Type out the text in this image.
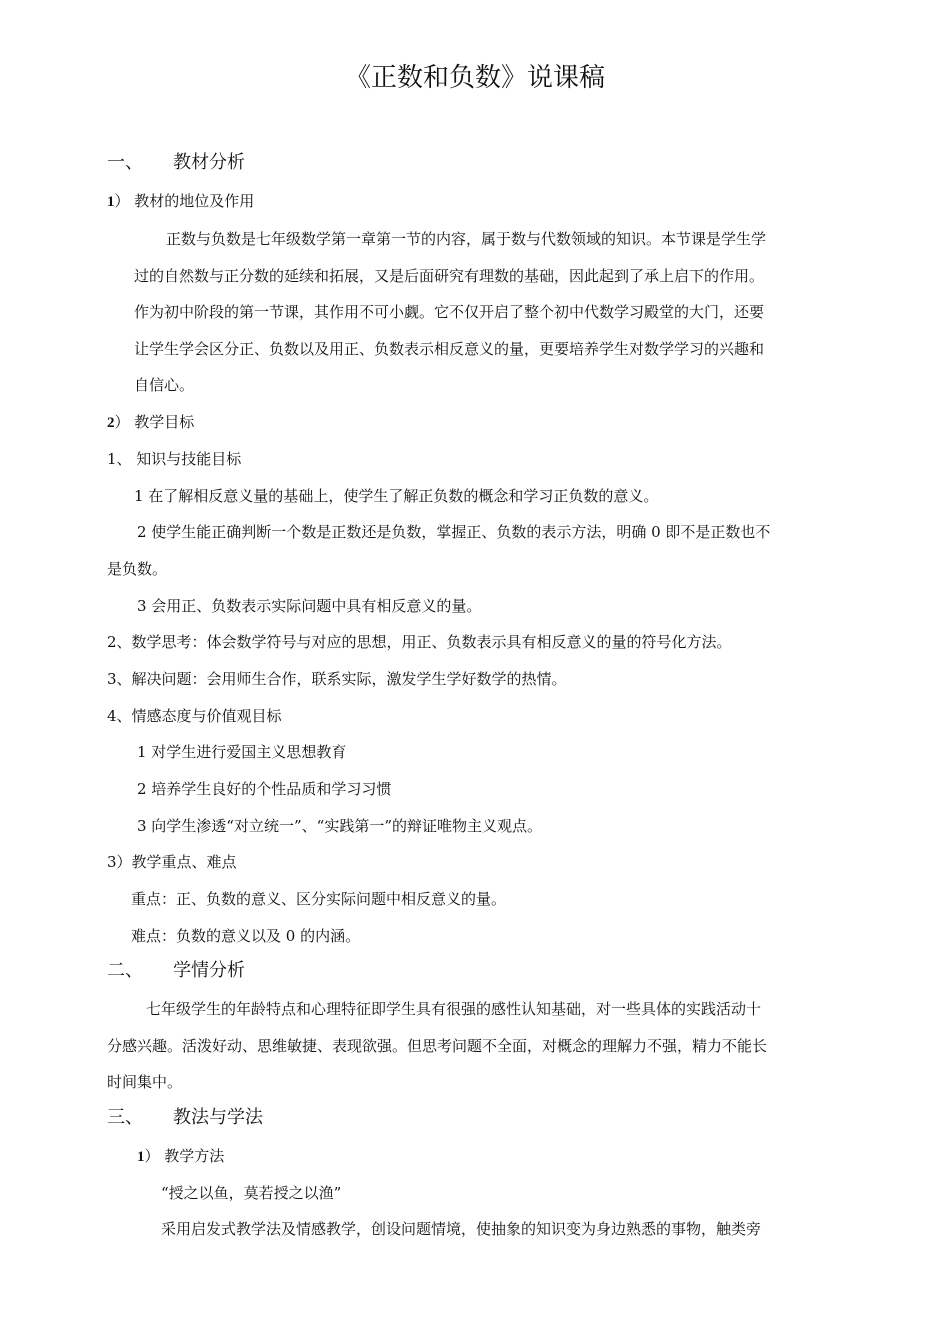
《正数和负数》说课稿
一、 教材分析
1） 教材的地位及作用
正数与负数是七年级数学第一章第一节的内容，属于数与代数领域的知识。本节课是学生学
过的自然数与正分数的延续和拓展，又是后面研究有理数的基础，因此起到了承上启下的作用。
作为初中阶段的第一节课，其作用不可小觑。它不仅开启了整个初中代数学习殿堂的大门，还要
让学生学会区分正、负数以及用正、负数表示相反意义的量，更要培养学生对数学学习的兴趣和
自信心。
2） 教学目标
1、 知识与技能目标
1 在了解相反意义量的基础上，使学生了解正负数的概念和学习正负数的意义。
2 使学生能正确判断一个数是正数还是负数，掌握正、负数的表示方法，明确 0 即不是正数也不
是负数。
3 会用正、负数表示实际问题中具有相反意义的量。
2、数学思考：体会数学符号与对应的思想，用正、负数表示具有相反意义的量的符号化方法。
3、解决问题：会用师生合作，联系实际，激发学生学好数学的热情。
4、情感态度与价值观目标
1 对学生进行爱国主义思想教育
2 培养学生良好的个性品质和学习习惯
3 向学生渗透“对立统一”、“实践第一”的辩证唯物主义观点。
3）教学重点、难点
重点：正、负数的意义、区分实际问题中相反意义的量。
难点：负数的意义以及 0 的内涵。
二、 学情分析
七年级学生的年龄特点和心理特征即学生具有很强的感性认知基础，对一些具体的实践活动十
分感兴趣。活泼好动、思维敏捷、表现欲强。但思考问题不全面，对概念的理解力不强，精力不能长
时间集中。
三、 教法与学法
1） 教学方法
“授之以鱼，莫若授之以渔”
采用启发式教学法及情感教学，创设问题情境，使抽象的知识变为身边熟悉的事物，触类旁
